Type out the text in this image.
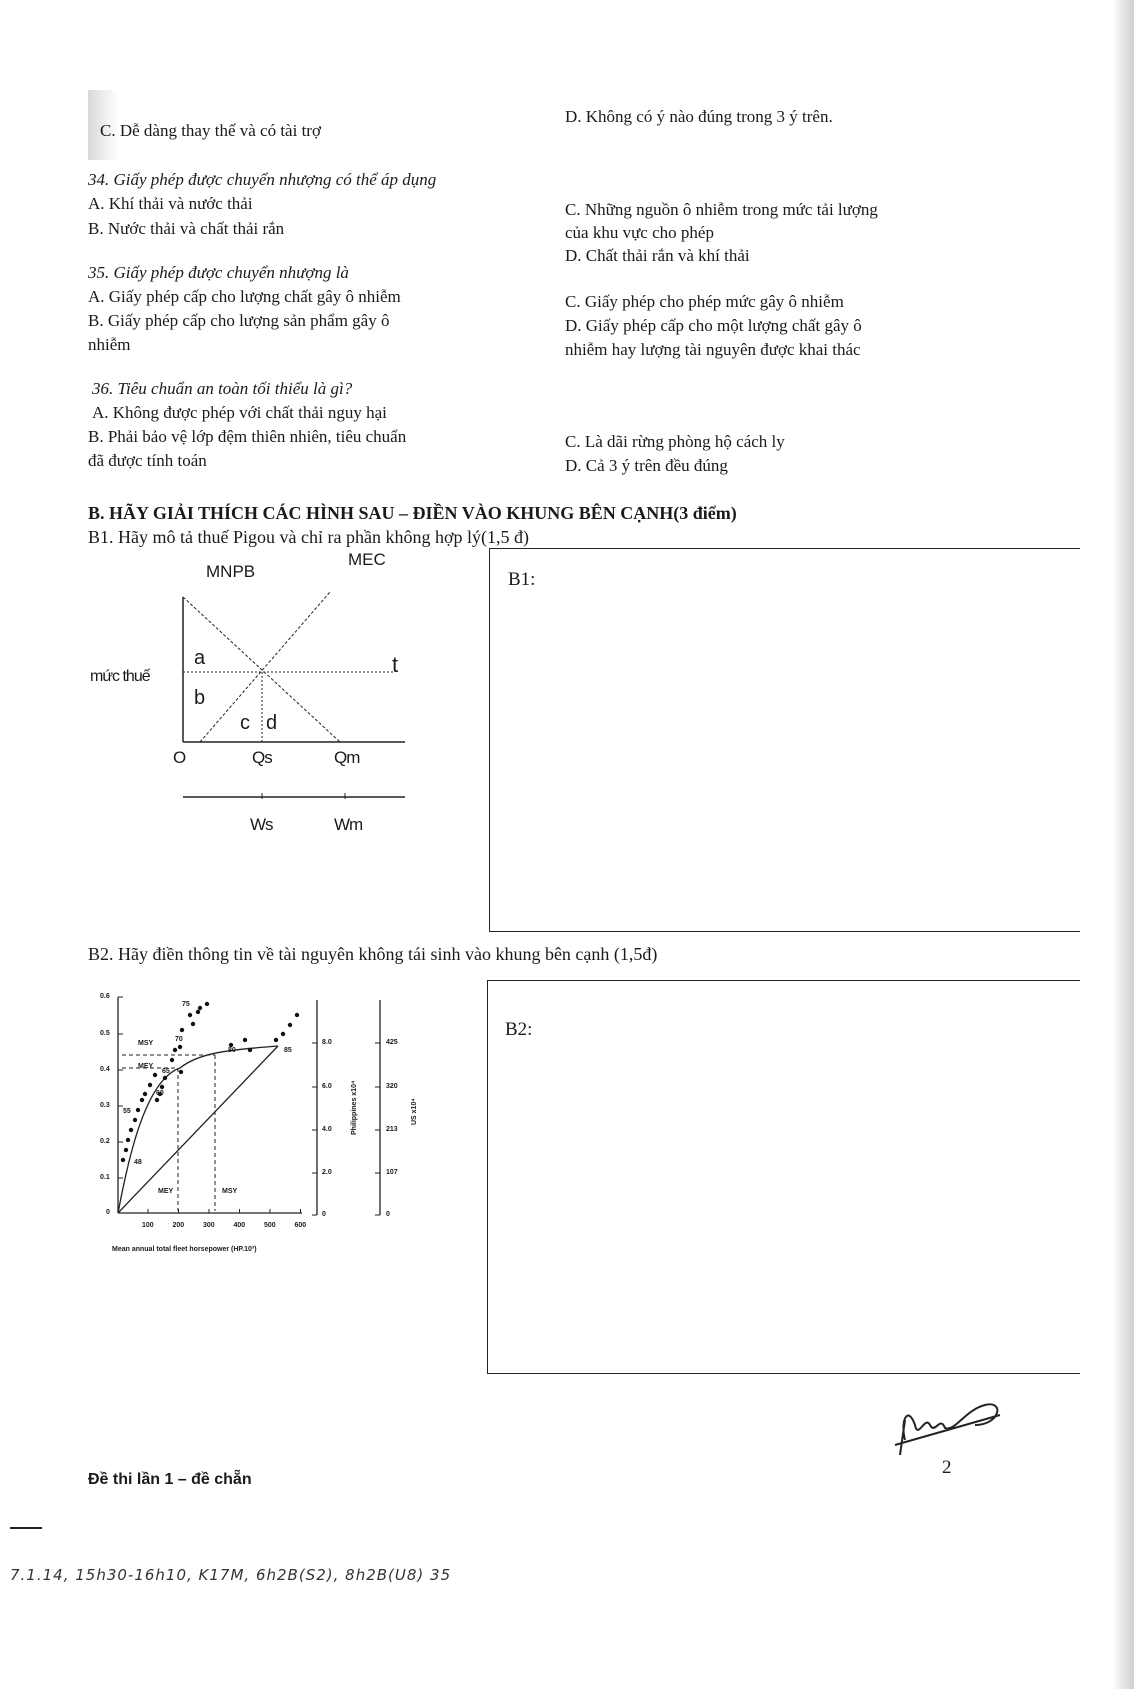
C. Dễ dàng thay thế và có tài trợ
34. Giấy phép được chuyển nhượng có thể áp dụng
A. Khí thải và nước thải
B. Nước thải và chất thải rắn
35. Giấy phép được chuyển nhượng là
A. Giấy phép cấp cho lượng chất gây ô nhiễm
B. Giấy phép cấp cho lượng sản phẩm gây ô
nhiễm
36. Tiêu chuẩn an toàn tối thiểu là gì?
A. Không được phép với chất thải nguy hại
B. Phải bảo vệ lớp đệm thiên nhiên, tiêu chuẩn
đã được tính toán
D. Không có ý nào đúng trong 3 ý trên.
C. Những nguồn ô nhiễm trong mức tải lượng
của khu vực cho phép
D. Chất thải rắn và khí thải
C. Giấy phép cho phép mức gây ô nhiễm
D. Giấy phép cấp cho một lượng chất gây ô
nhiễm hay lượng tài nguyên được khai thác
C. Là dãi rừng phòng hộ cách ly
D. Cả 3 ý trên đều đúng
B. HÃY GIẢI THÍCH CÁC HÌNH SAU – ĐIỀN VÀO KHUNG BÊN CẠNH(3 điểm)
B1. Hãy mô tả thuế Pigou và chỉ ra phần không hợp lý(1,5 đ)
B1:
MNPB
MEC
mức thuế	t
a
b
c d
O	Qs	Qm
Ws	Wm
B2. Hãy điền thông tin về tài nguyên không tái sinh vào khung bên cạnh (1,5đ)
B2:
0
0.1
0.2
0.3
0.4
0.5
0.6
100	200	300	400	500	600
8.0
6.0
4.0
2.0
0
425
320
213
107
0
48
55
60
65
70
75
80	85
MSY
MEY
MEY	MSY
Mean annual total fleet horsepower (HP.10³)
Philippines x10⁴	US x10⁴
2
Đề thi lần 1 – đề chẵn
7.1.14, 15h30-16h10, K17M, 6h2B(S2), 8h2B(U8) 35
